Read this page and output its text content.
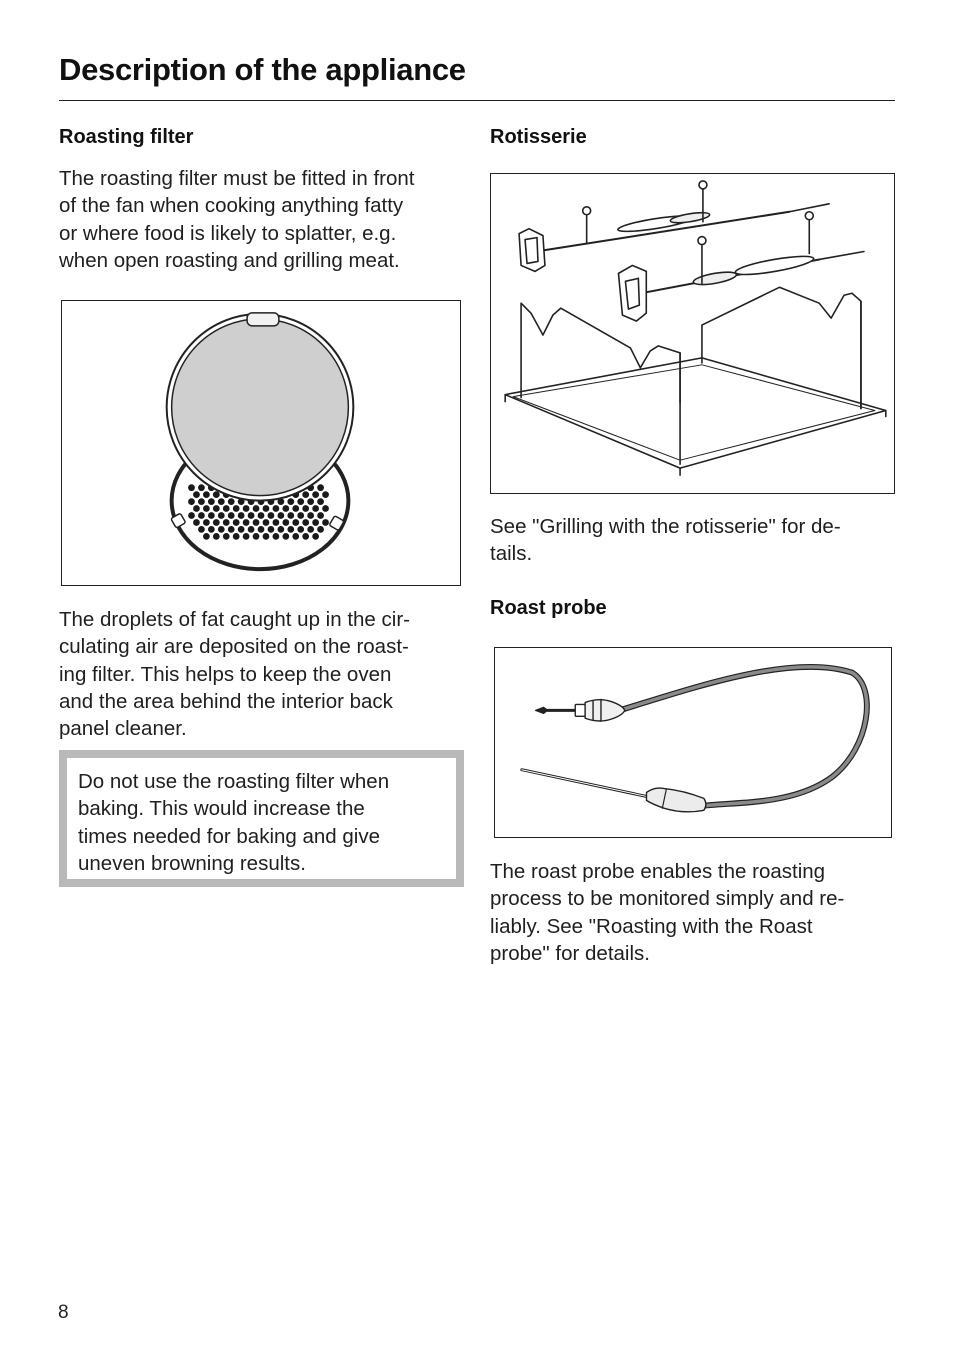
Description of the appliance
Roasting filter

The roasting filter must be fitted in front
of the fan when cooking anything fatty
or where food is likely to splatter, e.g.
when open roasting and grilling meat.

The droplets of fat caught up in the cir-
culating air are deposited on the roast-
ing filter. This helps to keep the oven
and the area behind the interior back
panel cleaner.

Do not use the roasting filter when
baking. This would increase the
times needed for baking and give
uneven browning results.

Rotisserie

See "Grilling with the rotisserie" for de-
tails.

Roast probe

The roast probe enables the roasting
process to be monitored simply and re-
liably. See "Roasting with the Roast
probe" for details.

8
